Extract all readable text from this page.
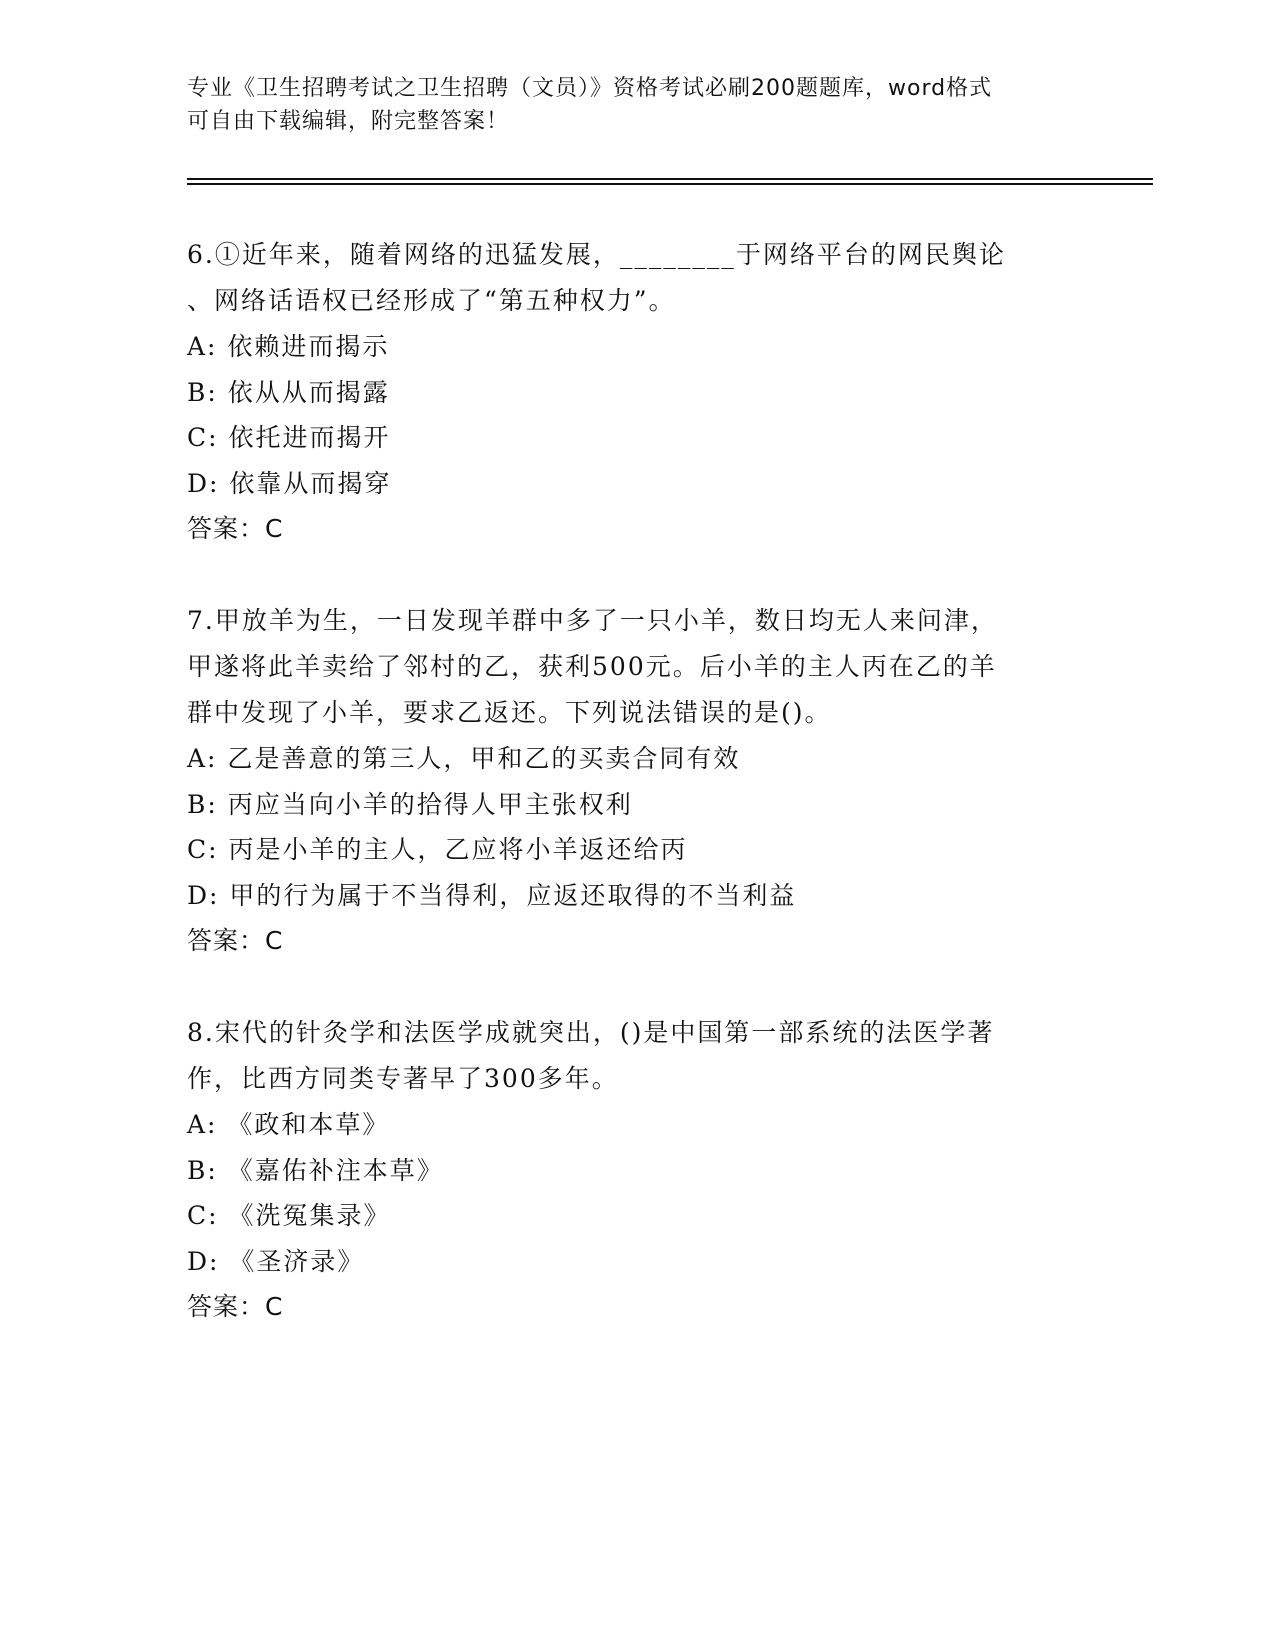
专业《卫生招聘考试之卫生招聘（文员）》资格考试必刷200题题库，word格式
可自由下载编辑，附完整答案！
6.①近年来，随着网络的迅猛发展，________于网络平台的网民舆论
、网络话语权已经形成了“第五种权力”。
A: 依赖进而揭示
B: 依从从而揭露
C: 依托进而揭开
D: 依靠从而揭穿
答案：C
7.甲放羊为生，一日发现羊群中多了一只小羊，数日均无人来问津，
甲遂将此羊卖给了邻村的乙，获利500元。后小羊的主人丙在乙的羊
群中发现了小羊，要求乙返还。下列说法错误的是()。
A: 乙是善意的第三人，甲和乙的买卖合同有效
B: 丙应当向小羊的拾得人甲主张权利
C: 丙是小羊的主人，乙应将小羊返还给丙
D: 甲的行为属于不当得利，应返还取得的不当利益
答案：C
8.宋代的针灸学和法医学成就突出，()是中国第一部系统的法医学著
作，比西方同类专著早了300多年。
A: 《政和本草》
B: 《嘉佑补注本草》
C: 《洗冤集录》
D: 《圣济录》
答案：C
